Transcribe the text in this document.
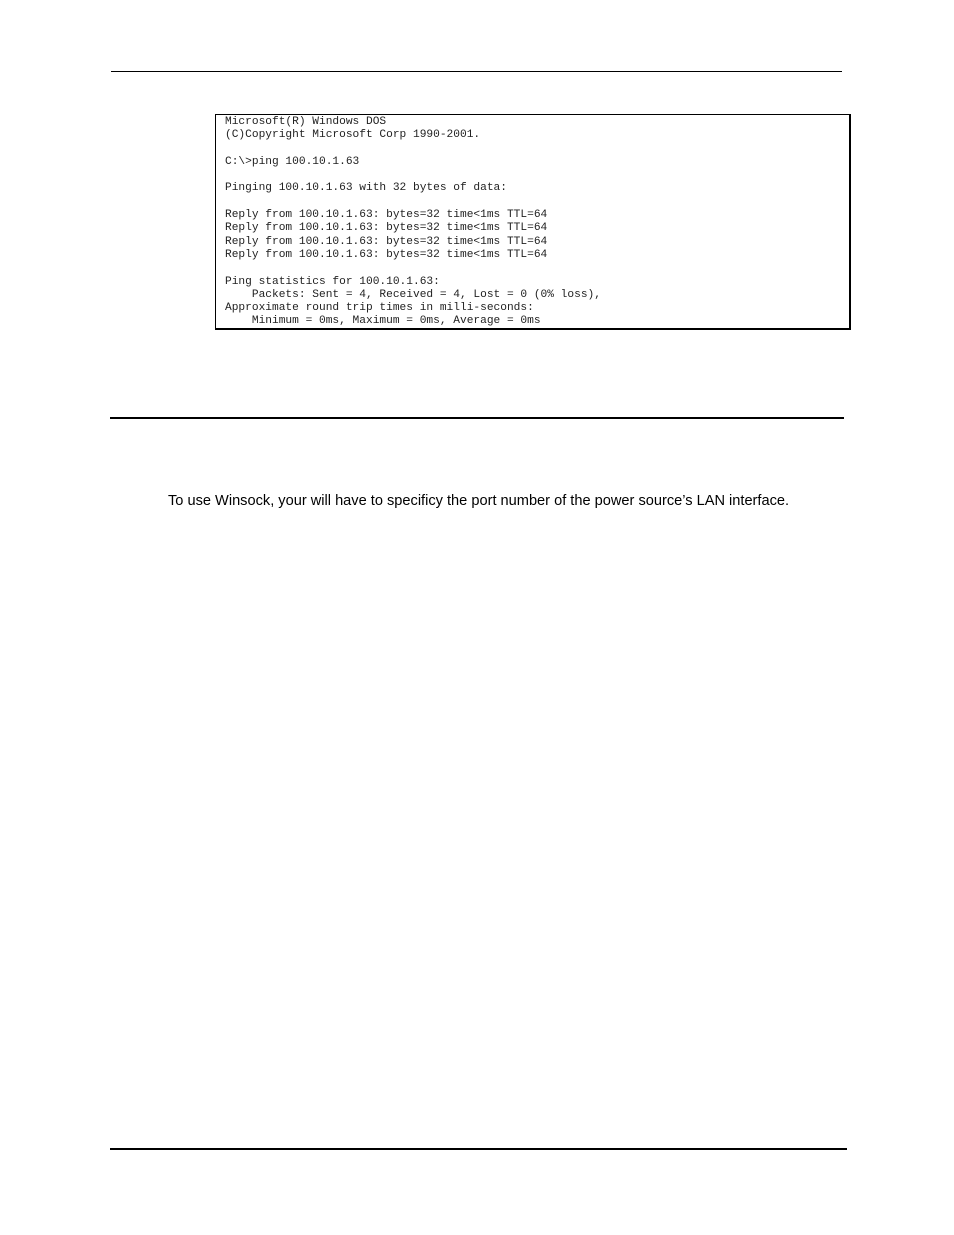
Microsoft(R) Windows DOS
(C)Copyright Microsoft Corp 1990-2001.

C:\>ping 100.10.1.63

Pinging 100.10.1.63 with 32 bytes of data:

Reply from 100.10.1.63: bytes=32 time<1ms TTL=64
Reply from 100.10.1.63: bytes=32 time<1ms TTL=64
Reply from 100.10.1.63: bytes=32 time<1ms TTL=64
Reply from 100.10.1.63: bytes=32 time<1ms TTL=64

Ping statistics for 100.10.1.63:
Packets: Sent = 4, Received = 4, Lost = 0 (0% loss),
Approximate round trip times in milli-seconds:
Minimum = 0ms, Maximum = 0ms, Average = 0ms

To use Winsock, your will have to specificy the port number of the power source’s LAN interface.
